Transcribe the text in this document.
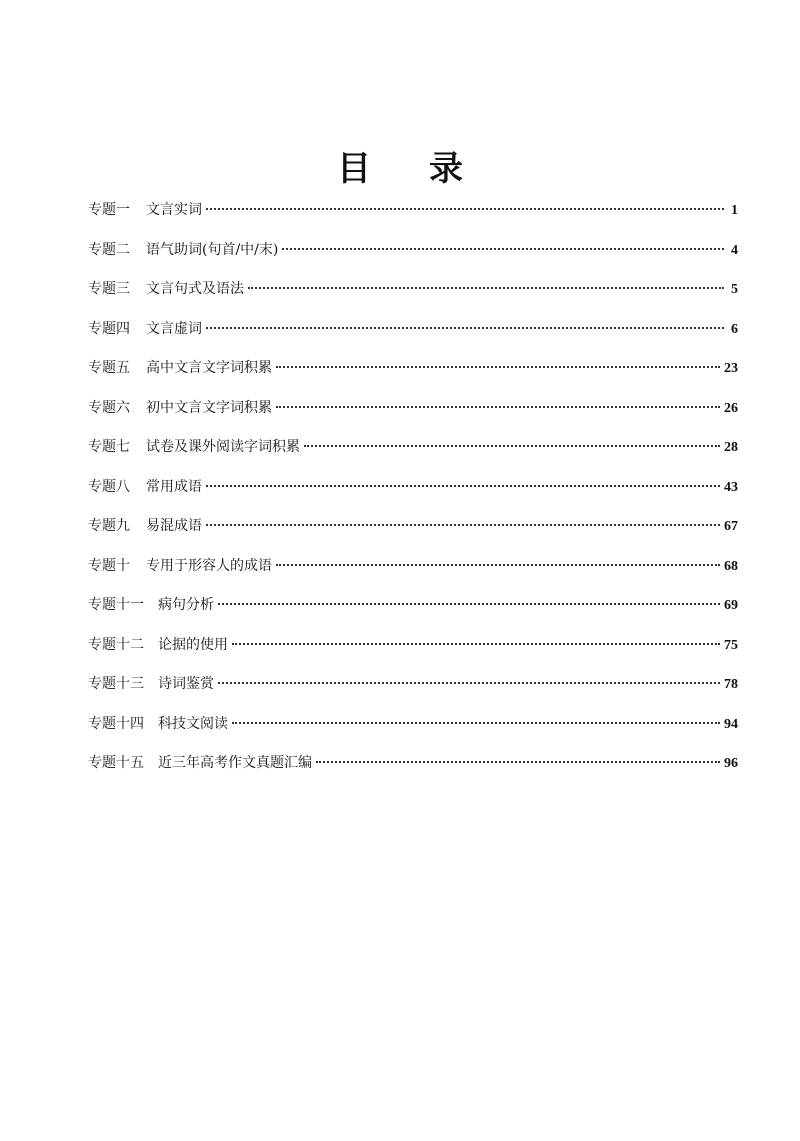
目 录
专题一 文言实词	1
专题二 语气助词(句首/中/末)	4
专题三 文言句式及语法	5
专题四 文言虚词	6
专题五 高中文言文字词积累	23
专题六 初中文言文字词积累	26
专题七 试卷及课外阅读字词积累	28
专题八 常用成语	43
专题九 易混成语	67
专题十 专用于形容人的成语	68
专题十一 病句分析	69
专题十二 论据的使用	75
专题十三 诗词鉴赏	78
专题十四 科技文阅读	94
专题十五 近三年高考作文真题汇编	96
